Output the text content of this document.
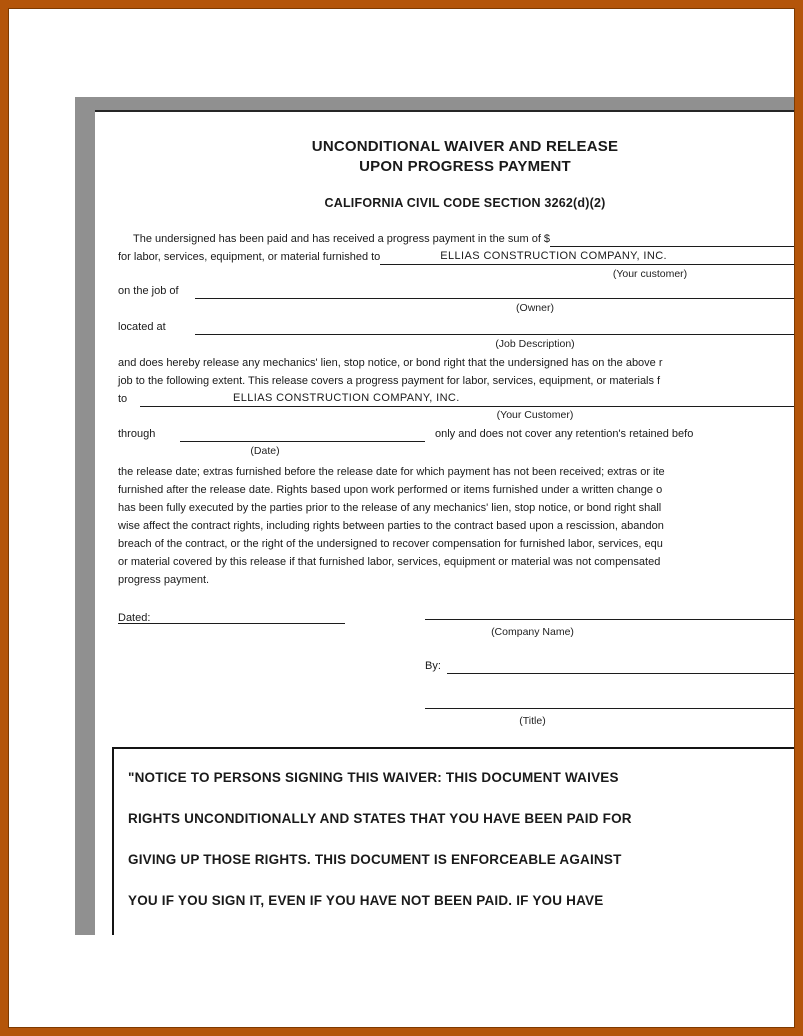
UNCONDITIONAL WAIVER AND RELEASE
UPON PROGRESS PAYMENT
CALIFORNIA CIVIL CODE SECTION 3262(d)(2)
The undersigned has been paid and has received a progress payment in the sum of $
for labor, services, equipment, or material furnished to	ELLIAS CONSTRUCTION COMPANY, INC.
(Your customer)
on the job of
(Owner)
located at
(Job Description)
and does hereby release any mechanics' lien, stop notice, or bond right that the undersigned has on the above r
job to the following extent. This release covers a progress payment for labor, services, equipment, or materials f
to	ELLIAS CONSTRUCTION COMPANY, INC.
(Your Customer)
through	only and does not cover any retention's retained befo
(Date)
the release date; extras furnished before the release date for which payment has not been received; extras or ite
furnished after the release date. Rights based upon work performed or items furnished under a written change o
has been fully executed by the parties prior to the release of any mechanics' lien, stop notice, or bond right shall
wise affect the contract rights, including rights between parties to the contract based upon a rescission, abandon
breach of the contract, or the right of the undersigned to recover compensation for furnished labor, services, equ
or material covered by this release if that furnished labor, services, equipment or material was not compensated
progress payment.
Dated:
(Company Name)
By:
(Title)
"NOTICE TO PERSONS SIGNING THIS WAIVER: THIS DOCUMENT WAIVES
RIGHTS UNCONDITIONALLY AND STATES THAT YOU HAVE BEEN PAID FOR
GIVING UP THOSE RIGHTS. THIS DOCUMENT IS ENFORCEABLE AGAINST
YOU IF YOU SIGN IT, EVEN IF YOU HAVE NOT BEEN PAID. IF YOU HAVE
